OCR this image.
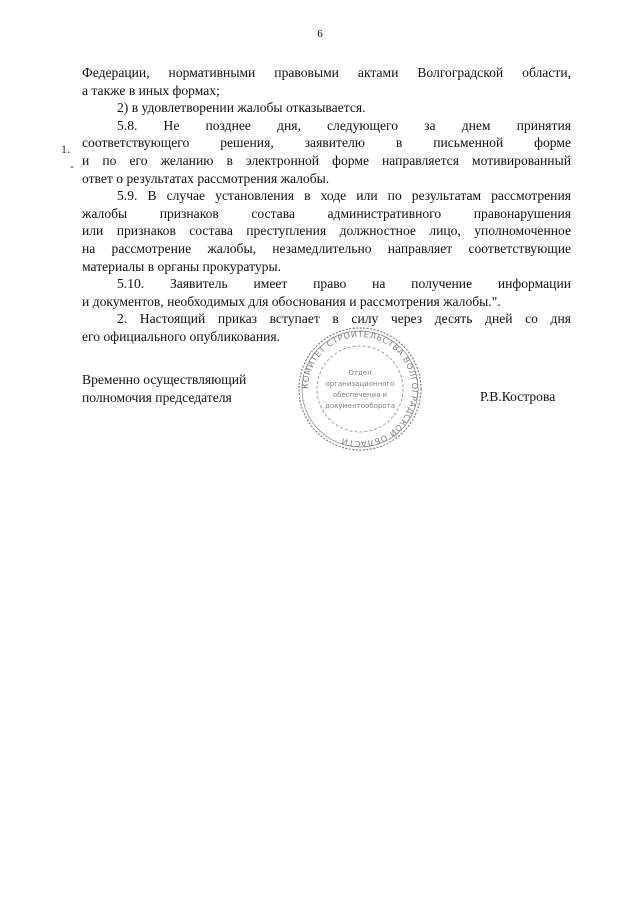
6
1.
-
Федерации, нормативными правовыми актами Волгоградской области,
а также в иных формах;
2) в удовлетворении жалобы отказывается.
5.8. Не позднее дня, следующего за днем принятия
соответствующего решения, заявителю в письменной форме
и по его желанию в электронной форме направляется мотивированный
ответ о результатах рассмотрения жалобы.
5.9. В случае установления в ходе или по результатам рассмотрения
жалобы признаков состава административного правонарушения
или признаков состава преступления должностное лицо, уполномоченное
на рассмотрение жалобы, незамедлительно направляет соответствующие
материалы в органы прокуратуры.
5.10. Заявитель имеет право на получение информации
и документов, необходимых для обоснования и рассмотрения жалобы.".
2. Настоящий приказ вступает в силу через десять дней со дня
его официального опубликования.
Временно осуществляющий
полномочия председателя	Р.В.Кострова
КОМИТЕТ СТРОИТЕЛЬСТВА ВОЛГОГРАДСКОЙ ОБЛАСТИ
Отдел
организационного
обеспечения и
документооборота
